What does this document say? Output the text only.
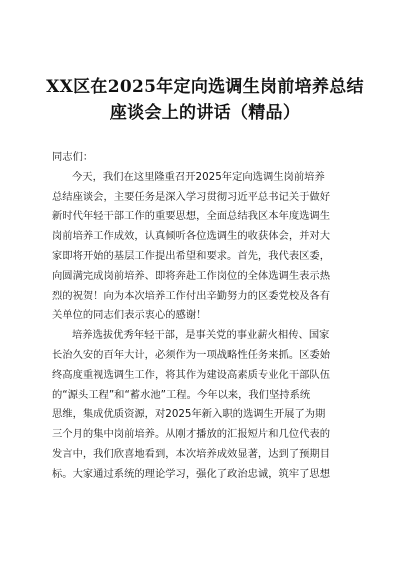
XX区在2025年定向选调生岗前培养总结
座谈会上的讲话（精品）
同志们：
今天，我们在这里隆重召开2025年定向选调生岗前培养
总结座谈会，主要任务是深入学习贯彻习近平总书记关于做好
新时代年轻干部工作的重要思想，全面总结我区本年度选调生
岗前培养工作成效，认真倾听各位选调生的收获体会，并对大
家即将开始的基层工作提出希望和要求。首先，我代表区委，
向圆满完成岗前培养、即将奔赴工作岗位的全体选调生表示热
烈的祝贺！向为本次培养工作付出辛勤努力的区委党校及各有
关单位的同志们表示衷心的感谢！
培养选拔优秀年轻干部，是事关党的事业薪火相传、国家
长治久安的百年大计，必须作为一项战略性任务来抓。区委始
终高度重视选调生工作，将其作为建设高素质专业化干部队伍
的“源头工程”和“蓄水池”工程。今年以来，我们坚持系统
思维，集成优质资源，对2025年新入职的选调生开展了为期
三个月的集中岗前培养。从刚才播放的汇报短片和几位代表的
发言中，我们欣喜地看到，本次培养成效显著，达到了预期目
标。大家通过系统的理论学习，强化了政治忠诚，筑牢了思想
